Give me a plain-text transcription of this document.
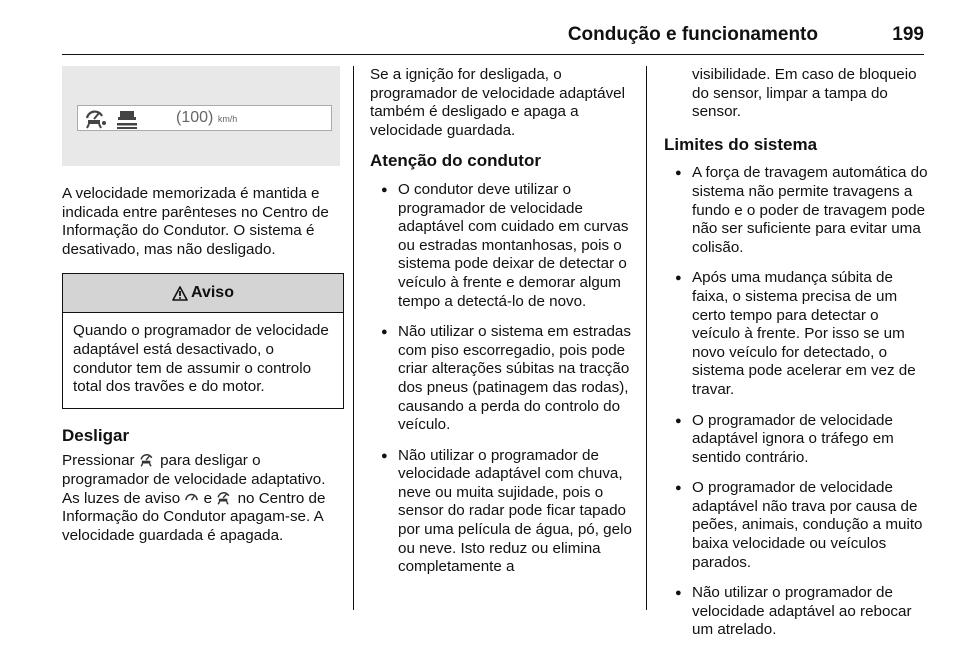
Condução e funcionamento	199
(100) km/h

A velocidade memorizada é mantida e indicada entre parênteses no Centro de Informação do Condutor. O sistema é desativado, mas não desligado.

Aviso
Quando o programador de velocidade adaptável está desactivado, o condutor tem de assumir o controlo total dos travões e do motor.
Desligar

Pressionar para desligar o programador de velocidade adaptativo. As luzes de aviso e no Centro de Informação do Condutor apagam-se. A velocidade guardada é apagada.

Se a ignição for desligada, o programador de velocidade adaptável também é desligado e apaga a velocidade guardada.

Atenção do condutor
● O condutor deve utilizar o programador de velocidade adaptável com cuidado em curvas ou estradas montanhosas, pois o sistema pode deixar de detectar o veículo à frente e demorar algum tempo a detectá-lo de novo.
● Não utilizar o sistema em estradas com piso escorregadio, pois pode criar alterações súbitas na tracção dos pneus (patinagem das rodas), causando a perda do controlo do veículo.
● Não utilizar o programador de velocidade adaptável com chuva, neve ou muita sujidade, pois o sensor do radar pode ficar tapado por uma película de água, pó, gelo ou neve. Isto reduz ou elimina completamente a

visibilidade. Em caso de bloqueio do sensor, limpar a tampa do sensor.

Limites do sistema
● A força de travagem automática do sistema não permite travagens a fundo e o poder de travagem pode não ser suficiente para evitar uma colisão.
● Após uma mudança súbita de faixa, o sistema precisa de um certo tempo para detectar o veículo à frente. Por isso se um novo veículo for detectado, o sistema pode acelerar em vez de travar.
● O programador de velocidade adaptável ignora o tráfego em sentido contrário.
● O programador de velocidade adaptável não trava por causa de peões, animais, condução a muito baixa velocidade ou veículos parados.
● Não utilizar o programador de velocidade adaptável ao rebocar um atrelado.
